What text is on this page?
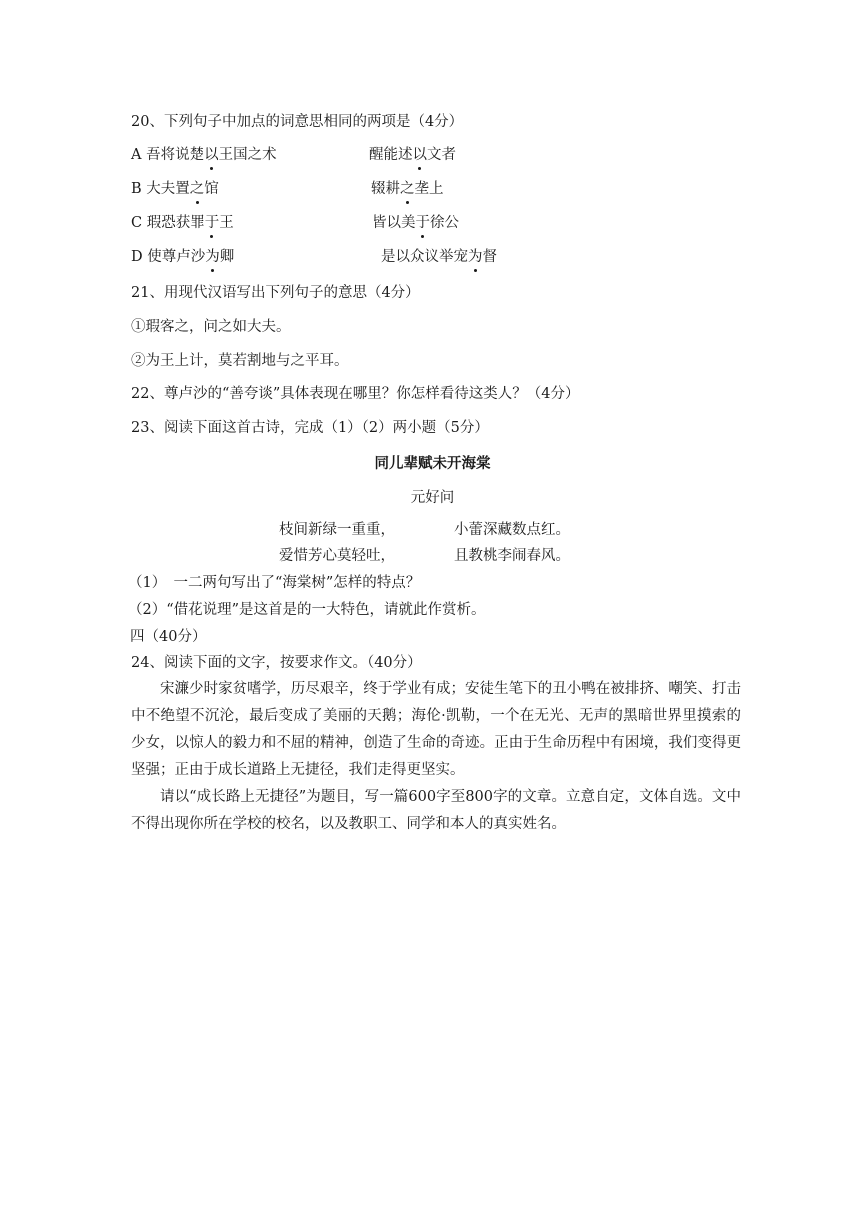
20、下列句子中加点的词意思相同的两项是（4分）
A 吾将说楚以王国之术	醒能述以文者
B 大夫置之馆	辍耕之垄上
C 瑕恐获罪于王	皆以美于徐公
D 使尊卢沙为卿	是以众议举宠为督
21、用现代汉语写出下列句子的意思（4分）
①瑕客之，问之如大夫。
②为王上计，莫若割地与之平耳。
22、尊卢沙的“善夸谈”具体表现在哪里？你怎样看待这类人？（4分）
23、阅读下面这首古诗，完成（1）（2）两小题（5分）
同儿辈赋未开海棠
元好问
枝间新绿一重重，	小蕾深藏数点红。
爱惜芳心莫轻吐，	且教桃李闹春风。
（1）　一二两句写出了“海棠树”怎样的特点？
（2）“借花说理”是这首是的一大特色，请就此作赏析。
四（40分）
24、阅读下面的文字，按要求作文。（40分）
宋濂少时家贫嗜学，历尽艰辛，终于学业有成；安徒生笔下的丑小鸭在被排挤、嘲笑、打击中不绝望不沉沦，最后变成了美丽的天鹅；海伦·凯勒，一个在无光、无声的黑暗世界里摸索的少女，以惊人的毅力和不屈的精神，创造了生命的奇迹。正由于生命历程中有困境，我们变得更坚强；正由于成长道路上无捷径，我们走得更坚实。
请以“成长路上无捷径”为题目，写一篇600字至800字的文章。立意自定，文体自选。文中不得出现你所在学校的校名，以及教职工、同学和本人的真实姓名。
